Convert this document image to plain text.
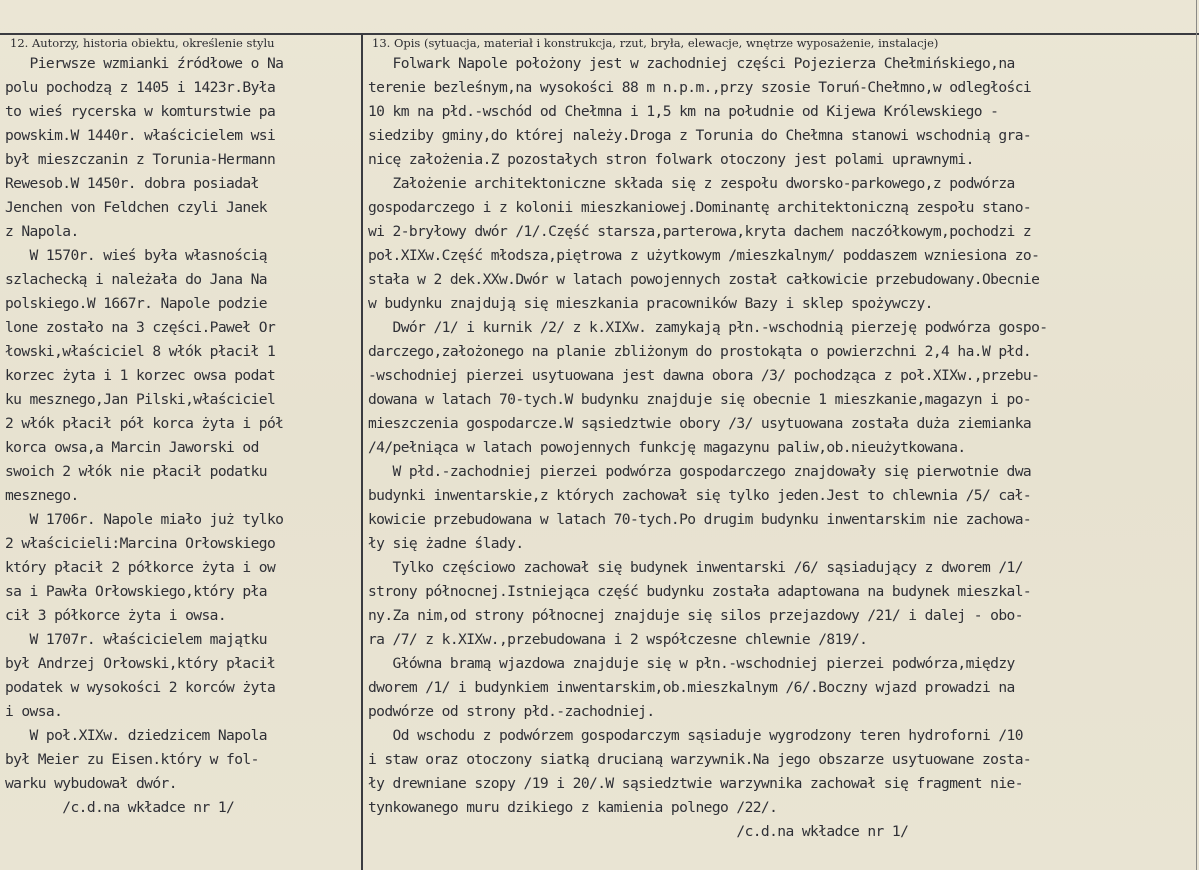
12. Autorzy, historia obiektu, określenie stylu	13. Opis (sytuacja, materiał i konstrukcja, rzut, bryła, elewacje, wnętrze wyposażenie, instalacje)
Pierwsze wzmianki źródłowe o Na
polu pochodzą z 1405 i 1423r.Była
to wieś rycerska w komturstwie pa
powskim.W 1440r. właścicielem wsi
był mieszczanin z Torunia-Hermann
Rewesob.W 1450r. dobra posiadał
Jenchen von Feldchen czyli Janek
z Napola.
W 1570r. wieś była własnością
szlachecką i należała do Jana Na
polskiego.W 1667r. Napole podzie
lone zostało na 3 części.Paweł Or
łowski,właściciel 8 włók płacił 1
korzec żyta i 1 korzec owsa podat
ku mesznego,Jan Pilski,właściciel
2 włók płacił pół korca żyta i pół
korca owsa,a Marcin Jaworski od
swoich 2 włók nie płacił podatku
mesznego.
W 1706r. Napole miało już tylko
2 właścicieli:Marcina Orłowskiego
który płacił 2 półkorce żyta i ow
sa i Pawła Orłowskiego,który pła
cił 3 półkorce żyta i owsa.
W 1707r. właścicielem majątku
był Andrzej Orłowski,który płacił
podatek w wysokości 2 korców żyta
i owsa.
W poł.XIXw. dziedzicem Napola
był Meier zu Eisen.który w fol-
warku wybudował dwór.
/c.d.na wkładce nr 1/
Folwark Napole położony jest w zachodniej części Pojezierza Chełmińskiego,na
terenie bezleśnym,na wysokości 88 m n.p.m.,przy szosie Toruń-Chełmno,w odległości
10 km na płd.-wschód od Chełmna i 1,5 km na południe od Kijewa Królewskiego -
siedziby gminy,do której należy.Droga z Torunia do Chełmna stanowi wschodnią gra-
nicę założenia.Z pozostałych stron folwark otoczony jest polami uprawnymi.
Założenie architektoniczne składa się z zespołu dworsko-parkowego,z podwórza
gospodarczego i z kolonii mieszkaniowej.Dominantę architektoniczną zespołu stano-
wi 2-bryłowy dwór /1/.Część starsza,parterowa,kryta dachem naczółkowym,pochodzi z
poł.XIXw.Część młodsza,piętrowa z użytkowym /mieszkalnym/ poddaszem wzniesiona zo-
stała w 2 dek.XXw.Dwór w latach powojennych został całkowicie przebudowany.Obecnie
w budynku znajdują się mieszkania pracowników Bazy i sklep spożywczy.
Dwór /1/ i kurnik /2/ z k.XIXw. zamykają płn.-wschodnią pierzeję podwórza gospo-
darczego,założonego na planie zbliżonym do prostokąta o powierzchni 2,4 ha.W płd.
-wschodniej pierzei usytuowana jest dawna obora /3/ pochodząca z poł.XIXw.,przebu-
dowana w latach 70-tych.W budynku znajduje się obecnie 1 mieszkanie,magazyn i po-
mieszczenia gospodarcze.W sąsiedztwie obory /3/ usytuowana została duża ziemianka
/4/pełniąca w latach powojennych funkcję magazynu paliw,ob.nieużytkowana.
W płd.-zachodniej pierzei podwórza gospodarczego znajdowały się pierwotnie dwa
budynki inwentarskie,z których zachował się tylko jeden.Jest to chlewnia /5/ cał-
kowicie przebudowana w latach 70-tych.Po drugim budynku inwentarskim nie zachowa-
ły się żadne ślady.
Tylko częściowo zachował się budynek inwentarski /6/ sąsiadujący z dworem /1/
strony północnej.Istniejąca część budynku została adaptowana na budynek mieszkal-
ny.Za nim,od strony północnej znajduje się silos przejazdowy /21/ i dalej - obo-
ra /7/ z k.XIXw.,przebudowana i 2 współczesne chlewnie /819/.
Główna bramą wjazdowa znajduje się w płn.-wschodniej pierzei podwórza,między
dworem /1/ i budynkiem inwentarskim,ob.mieszkalnym /6/.Boczny wjazd prowadzi na
podwórze od strony płd.-zachodniej.
Od wschodu z podwórzem gospodarczym sąsiaduje wygrodzony teren hydroforni /10
i staw oraz otoczony siatką drucianą warzywnik.Na jego obszarze usytuowane zosta-
ły drewniane szopy /19 i 20/.W sąsiedztwie warzywnika zachował się fragment nie-
tynkowanego muru dzikiego z kamienia polnego /22/.
/c.d.na wkładce nr 1/
